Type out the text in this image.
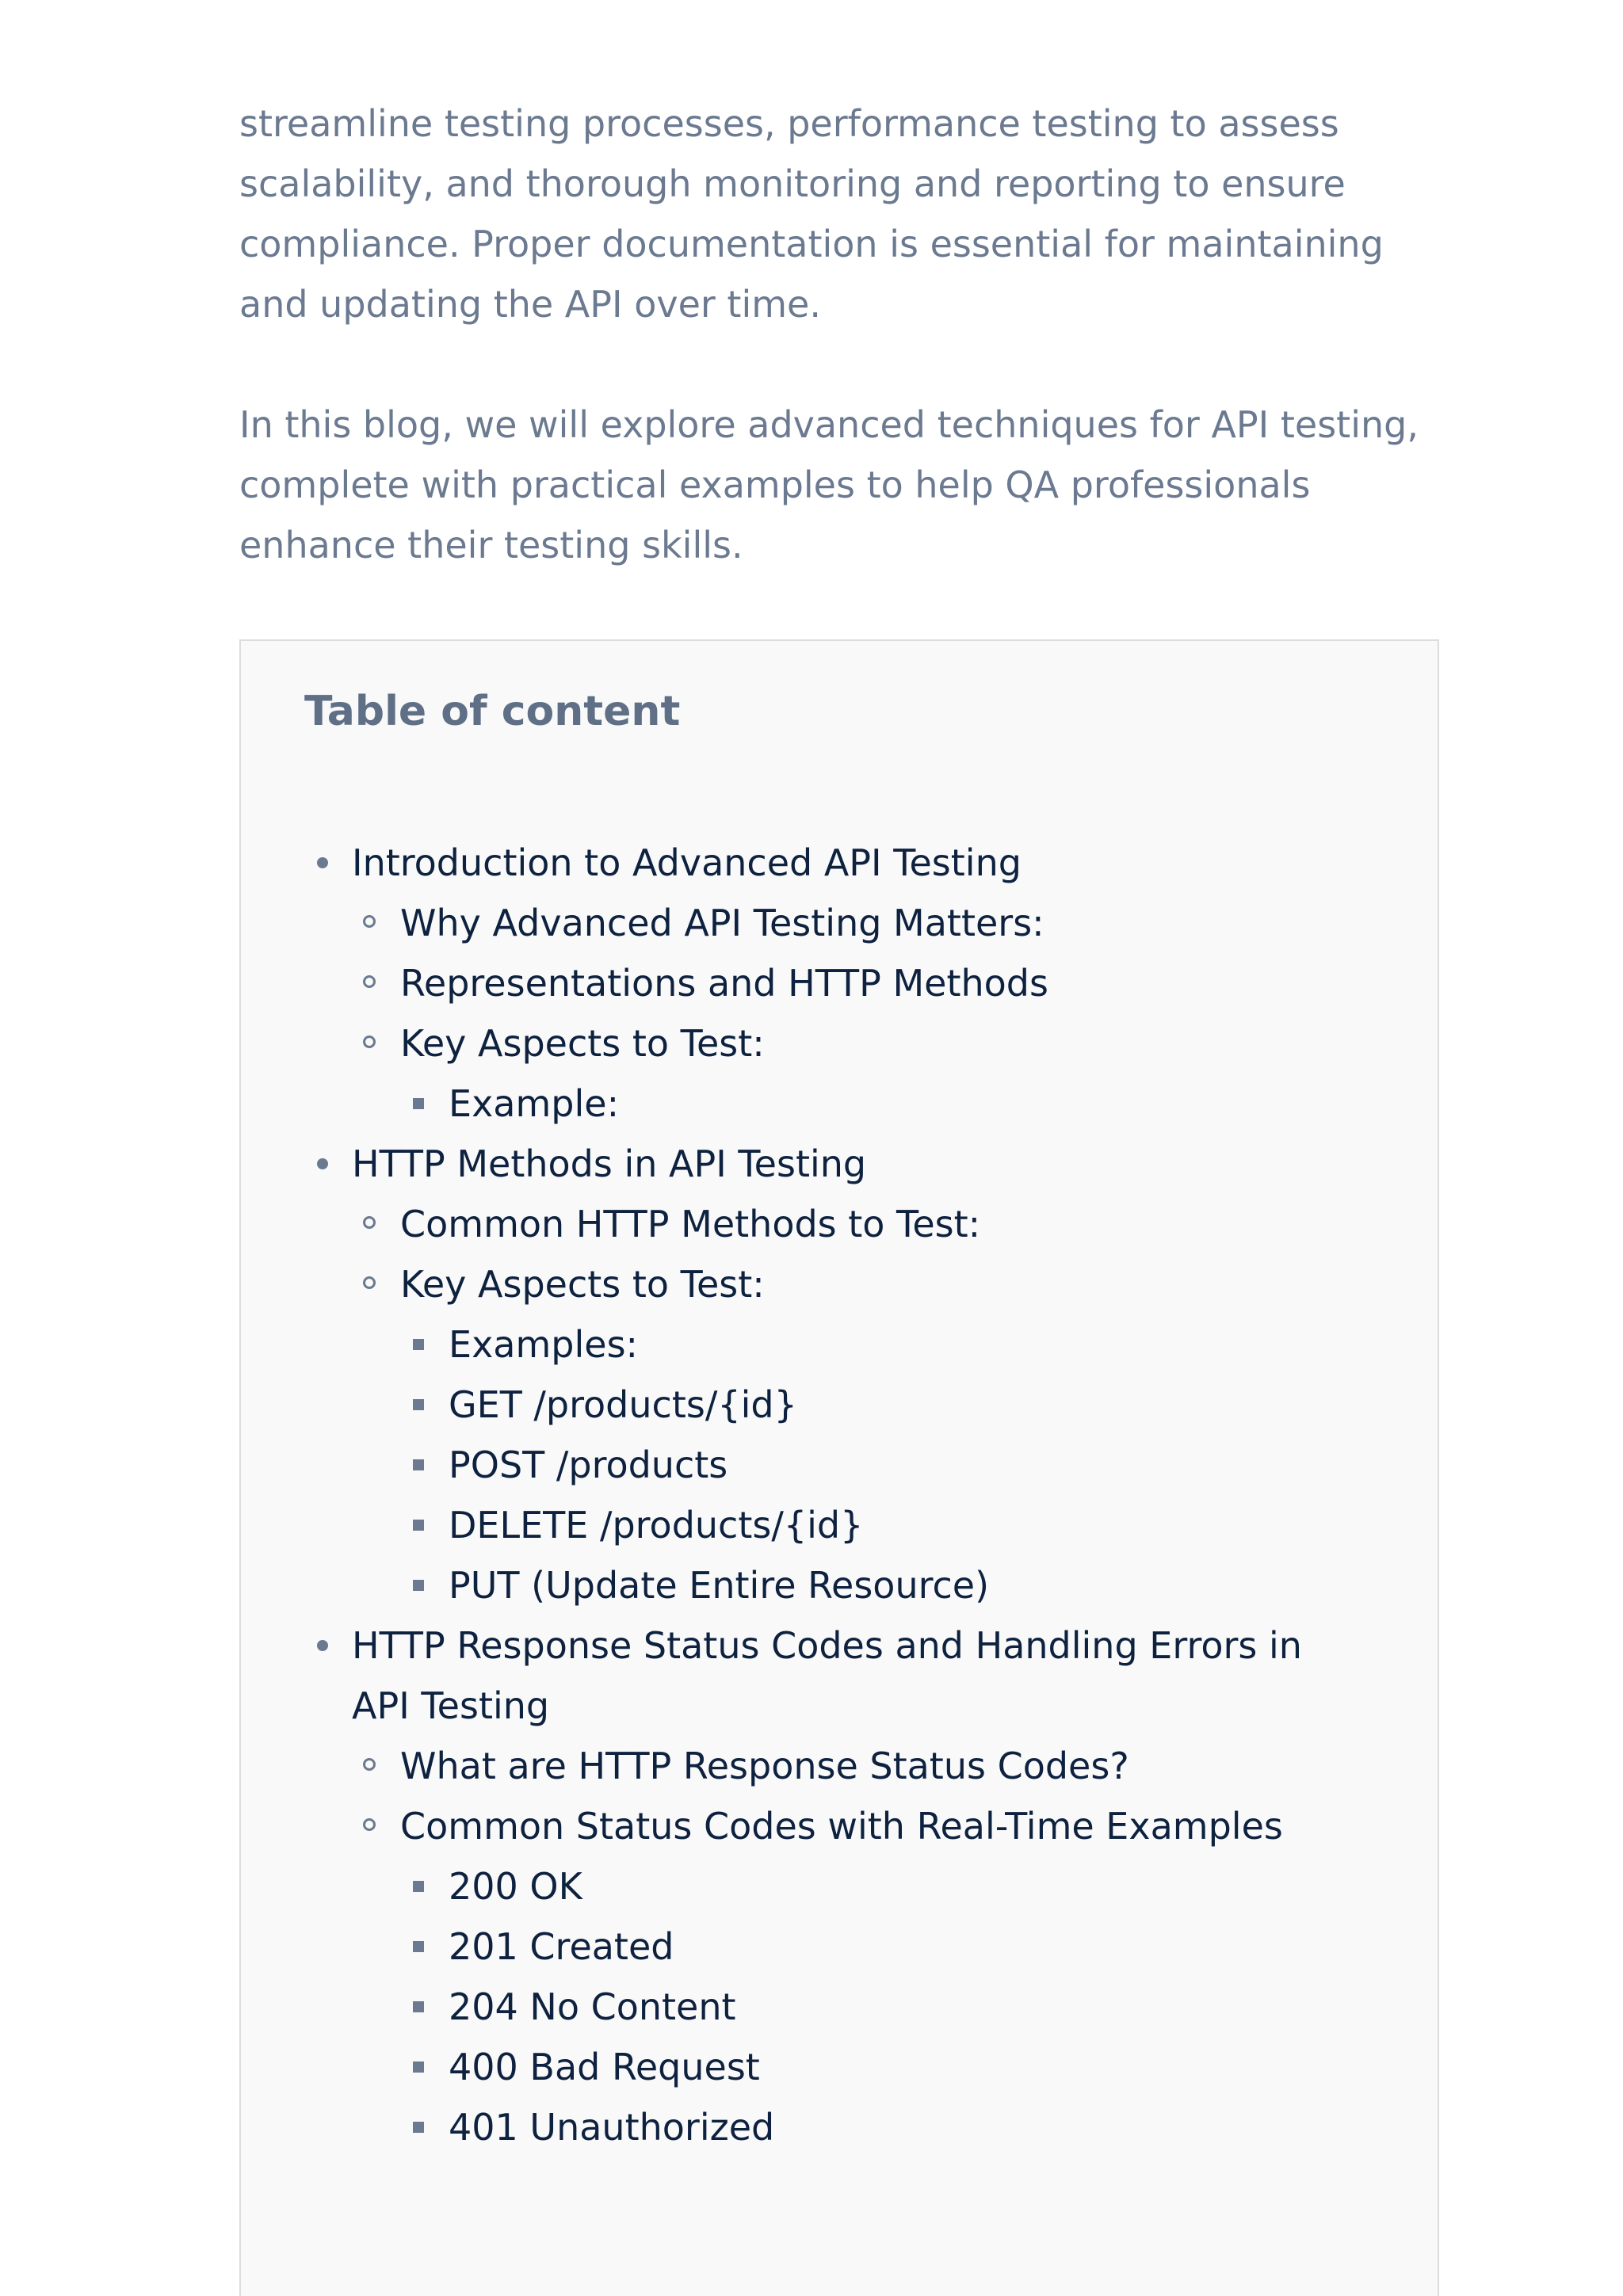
streamline testing processes, performance testing to assess scalability, and thorough monitoring and reporting to ensure compliance. Proper documentation is essential for maintaining and updating the API over time.

In this blog, we will explore advanced techniques for API testing, complete with practical examples to help QA professionals enhance their testing skills.

Table of content
Introduction to Advanced API Testing
Why Advanced API Testing Matters:
Representations and HTTP Methods
Key Aspects to Test:
Example:
HTTP Methods in API Testing
Common HTTP Methods to Test:
Key Aspects to Test:
Examples:
GET /products/{id}
POST /products
DELETE /products/{id}
PUT (Update Entire Resource)
HTTP Response Status Codes and Handling Errors in API Testing
What are HTTP Response Status Codes?
Common Status Codes with Real-Time Examples
200 OK
201 Created
204 No Content
400 Bad Request
401 Unauthorized
